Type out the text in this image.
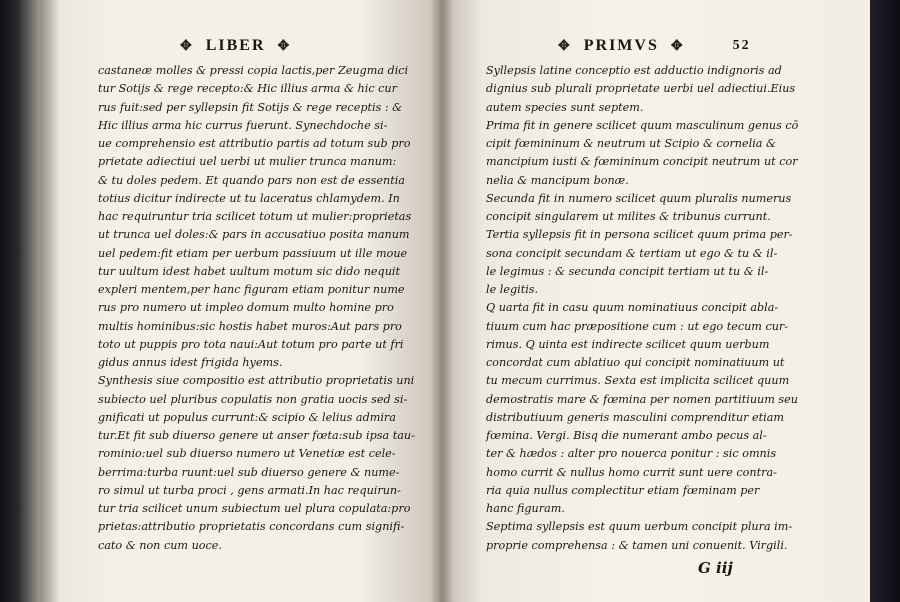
✥ LIBER ✥
castaneæ molles & pressi copia lactis,per Zeugma dici
tur Sotijs & rege recepto:& Hic illius arma & hic cur
rus fuit:sed per syllepsin fit Sotijs & rege receptis : &
Hic illius arma hic currus fuerunt. Synechdoche si-
ue comprehensio est attributio partis ad totum sub pro
prietate adiectiui uel uerbi ut mulier trunca manum:
& tu doles pedem. Et quando pars non est de essentia
totius dicitur indirecte ut tu laceratus chlamydem. In
hac requiruntur tria scilicet totum ut mulier:proprietas
ut trunca uel doles:& pars in accusatiuo posita manum
uel pedem:fit etiam per uerbum passiuum ut ille moue
tur uultum idest habet uultum motum sic dido nequit
expleri mentem,per hanc figuram etiam ponitur nume
rus pro numero ut impleo domum multo homine pro
multis hominibus:sic hostis habet muros:Aut pars pro
toto ut puppis pro tota naui:Aut totum pro parte ut fri
gidus annus idest frigida hyems.
Synthesis siue compositio est attributio proprietatis uni
subiecto uel pluribus copulatis non gratia uocis sed si-
gnificati ut populus currunt:& scipio & lelius admira
tur.Et fit sub diuerso genere ut anser fœta:sub ipsa tau-
rominio:uel sub diuerso numero ut Venetiæ est cele-
berrima:turba ruunt:uel sub diuerso genere & nume-
ro simul ut turba proci , gens armati.In hac requirun-
tur tria scilicet unum subiectum uel plura copulata:pro
prietas:attributio proprietatis concordans cum signifi-
cato & non cum uoce.
✥ PRIMVS ✥	52
Syllepsis latine conceptio est adductio indignoris ad
dignius sub plurali proprietate uerbi uel adiectiui.Eius
autem species sunt septem.
Prima fit in genere scilicet quum masculinum genus cō
cipit fœmininum & neutrum ut Scipio & cornelia &
mancipium iusti & fœmininum concipit neutrum ut cor
nelia & mancipum bonæ.
Secunda fit in numero scilicet quum pluralis numerus
concipit singularem ut milites & tribunus currunt.
Tertia syllepsis fit in persona scilicet quum prima per-
sona concipit secundam & tertiam ut ego & tu & il-
le legimus : & secunda concipit tertiam ut tu & il-
le legitis.
Q uarta fit in casu quum nominatiuus concipit abla-
tiuum cum hac præpositione cum : ut ego tecum cur-
rimus. Q uinta est indirecte scilicet quum uerbum
concordat cum ablatiuo qui concipit nominatiuum ut
tu mecum currimus. Sexta est implicita scilicet quum
demostratis mare & fœmina per nomen partitiuum seu
distributiuum generis masculini comprenditur etiam
fœmina. Vergi. Bisq die numerant ambo pecus al-
ter & hædos : alter pro nouerca ponitur : sic omnis
homo currit & nullus homo currit sunt uere contra-
ria quia nullus complectitur etiam fœminam per
hanc figuram.
Septima syllepsis est quum uerbum concipit plura im-
proprie comprehensa : & tamen uni conuenit. Virgili.
G iij
